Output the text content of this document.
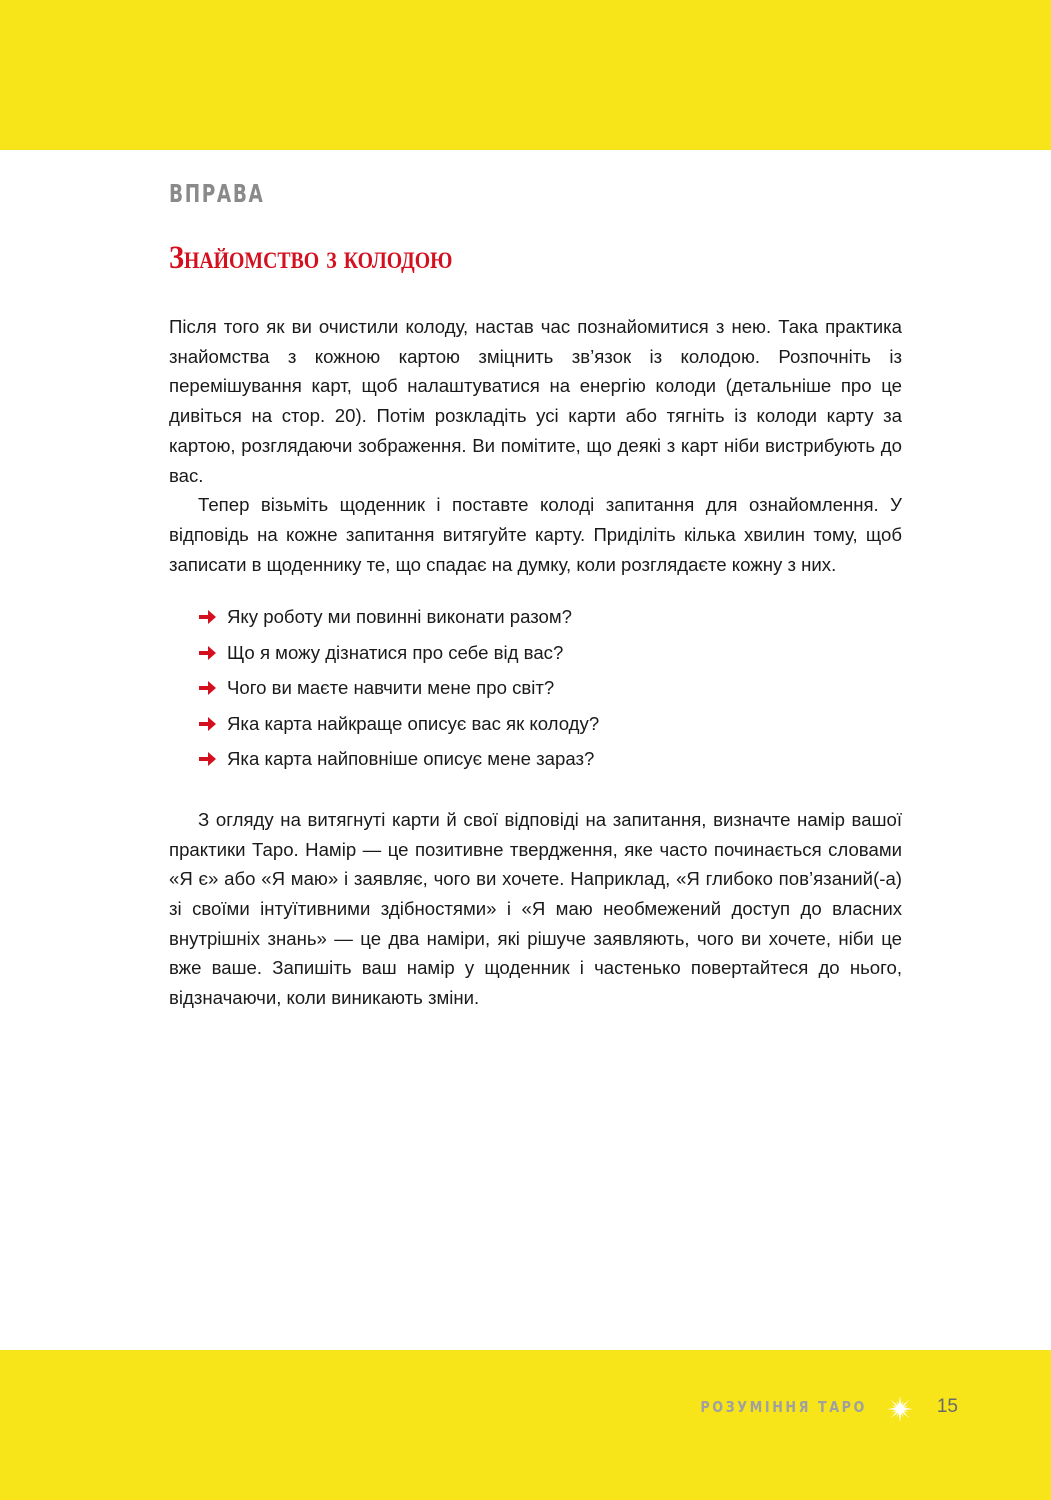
ВПРАВА
Знайомство з колодою

Після того як ви очистили колоду, настав час познайомитися з нею. Така практика знайомства з кожною картою зміцнить зв’язок із колодою. Розпочніть із перемішування карт, щоб налаштуватися на енергію колоди (детальніше про це дивіться на стор. 20). Потім розкладіть усі карти або тягніть із колоди карту за картою, розглядаючи зображення. Ви помітите, що деякі з карт ніби вистрибують до вас.

Тепер візьміть щоденник і поставте колоді запитання для ознайомлення. У відповідь на кожне запитання витягуйте карту. Приділіть кілька хвилин тому, щоб записати в щоденнику те, що спадає на думку, коли розглядаєте кожну з них.

Яку роботу ми повинні виконати разом?
Що я можу дізнатися про себе від вас?
Чого ви маєте навчити мене про світ?
Яка карта найкраще описує вас як колоду?
Яка карта найповніше описує мене зараз?

З огляду на витягнуті карти й свої відповіді на запитання, визначте намір вашої практики Таро. Намір — це позитивне твердження, яке часто починається словами «Я є» або «Я маю» і заявляє, чого ви хочете. Наприклад, «Я глибоко пов’язаний(-а) зі своїми інтуїтивними здібностями» і «Я маю необмежений доступ до власних внутрішніх знань» — це два наміри, які рішуче заявляють, чого ви хочете, ніби це вже ваше. Запишіть ваш намір у щоденник і частенько повертайтеся до нього, відзначаючи, коли виникають зміни.

РОЗУМІННЯ ТАРО	15
